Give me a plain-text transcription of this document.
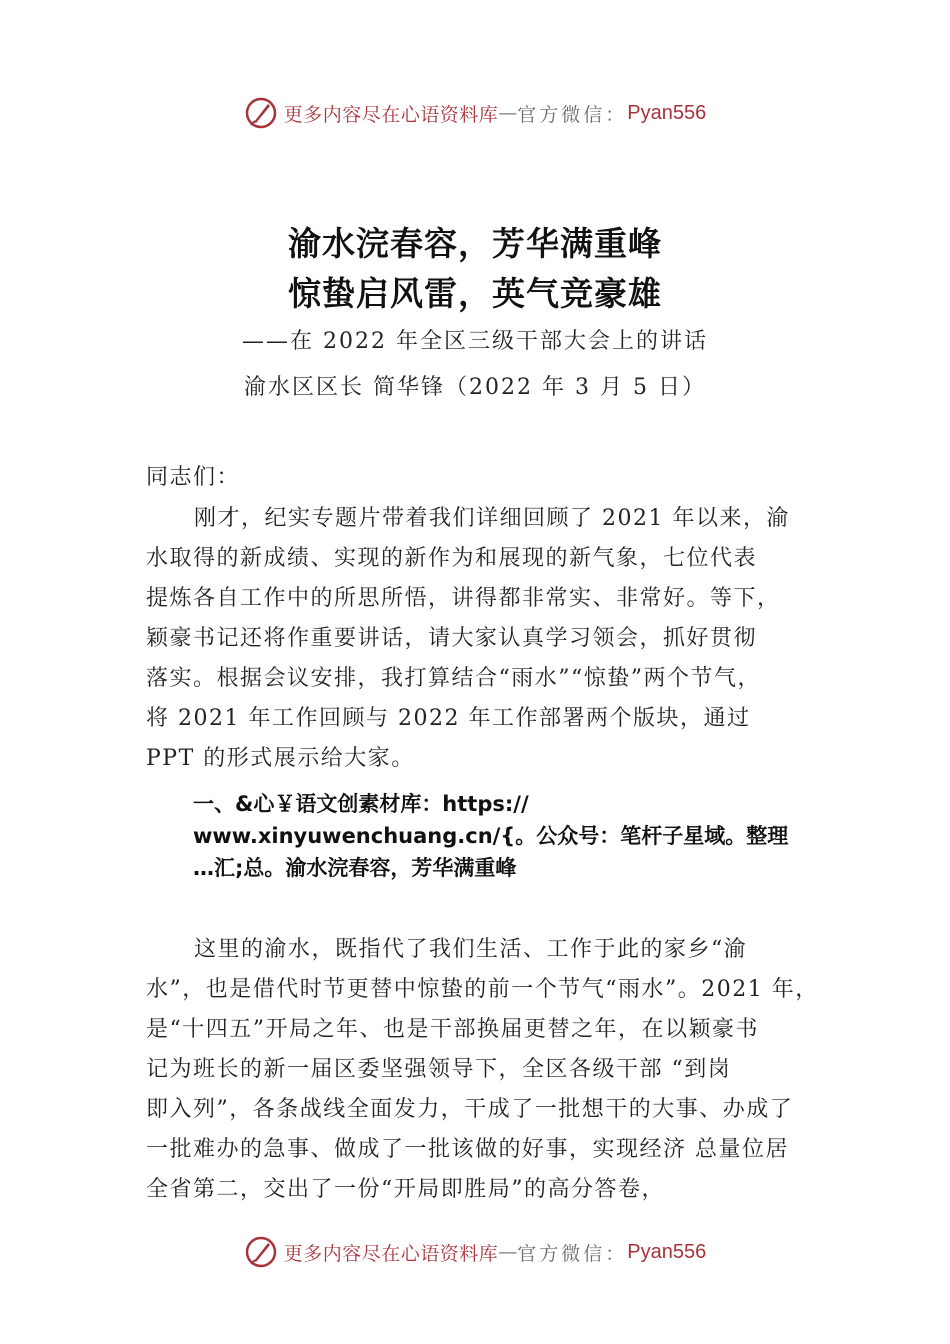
更多内容尽在心语资料库 — 官方微信： Pyan556
渝水浣春容，芳华满重峰
惊蛰启风雷，英气竞豪雄
——在 2022 年全区三级干部大会上的讲话
渝水区区长 简华锋（2022 年 3 月 5 日）
同志们：
刚才，纪实专题片带着我们详细回顾了 2021 年以来，渝
水取得的新成绩、实现的新作为和展现的新气象，七位代表
提炼各自工作中的所思所悟，讲得都非常实、非常好。等下，
颖豪书记还将作重要讲话，请大家认真学习领会，抓好贯彻
落实。根据会议安排，我打算结合“雨水”“惊蛰”两个节气，
将 2021 年工作回顾与 2022 年工作部署两个版块，通过
PPT 的形式展示给大家。
一、&心￥语文创素材库：https://
www.xinyuwenchuang.cn/{。公众号：笔杆子星域。整理
…汇;总。渝水浣春容，芳华满重峰
这里的渝水，既指代了我们生活、工作于此的家乡“渝
水”，也是借代时节更替中惊蛰的前一个节气“雨水”。2021 年，
是“十四五”开局之年、也是干部换届更替之年，在以颖豪书
记为班长的新一届区委坚强领导下，全区各级干部 “到岗
即入列”，各条战线全面发力，干成了一批想干的大事、办成了
一批难办的急事、做成了一批该做的好事，实现经济 总量位居
全省第二，交出了一份“开局即胜局”的高分答卷，
更多内容尽在心语资料库 — 官方微信： Pyan556
